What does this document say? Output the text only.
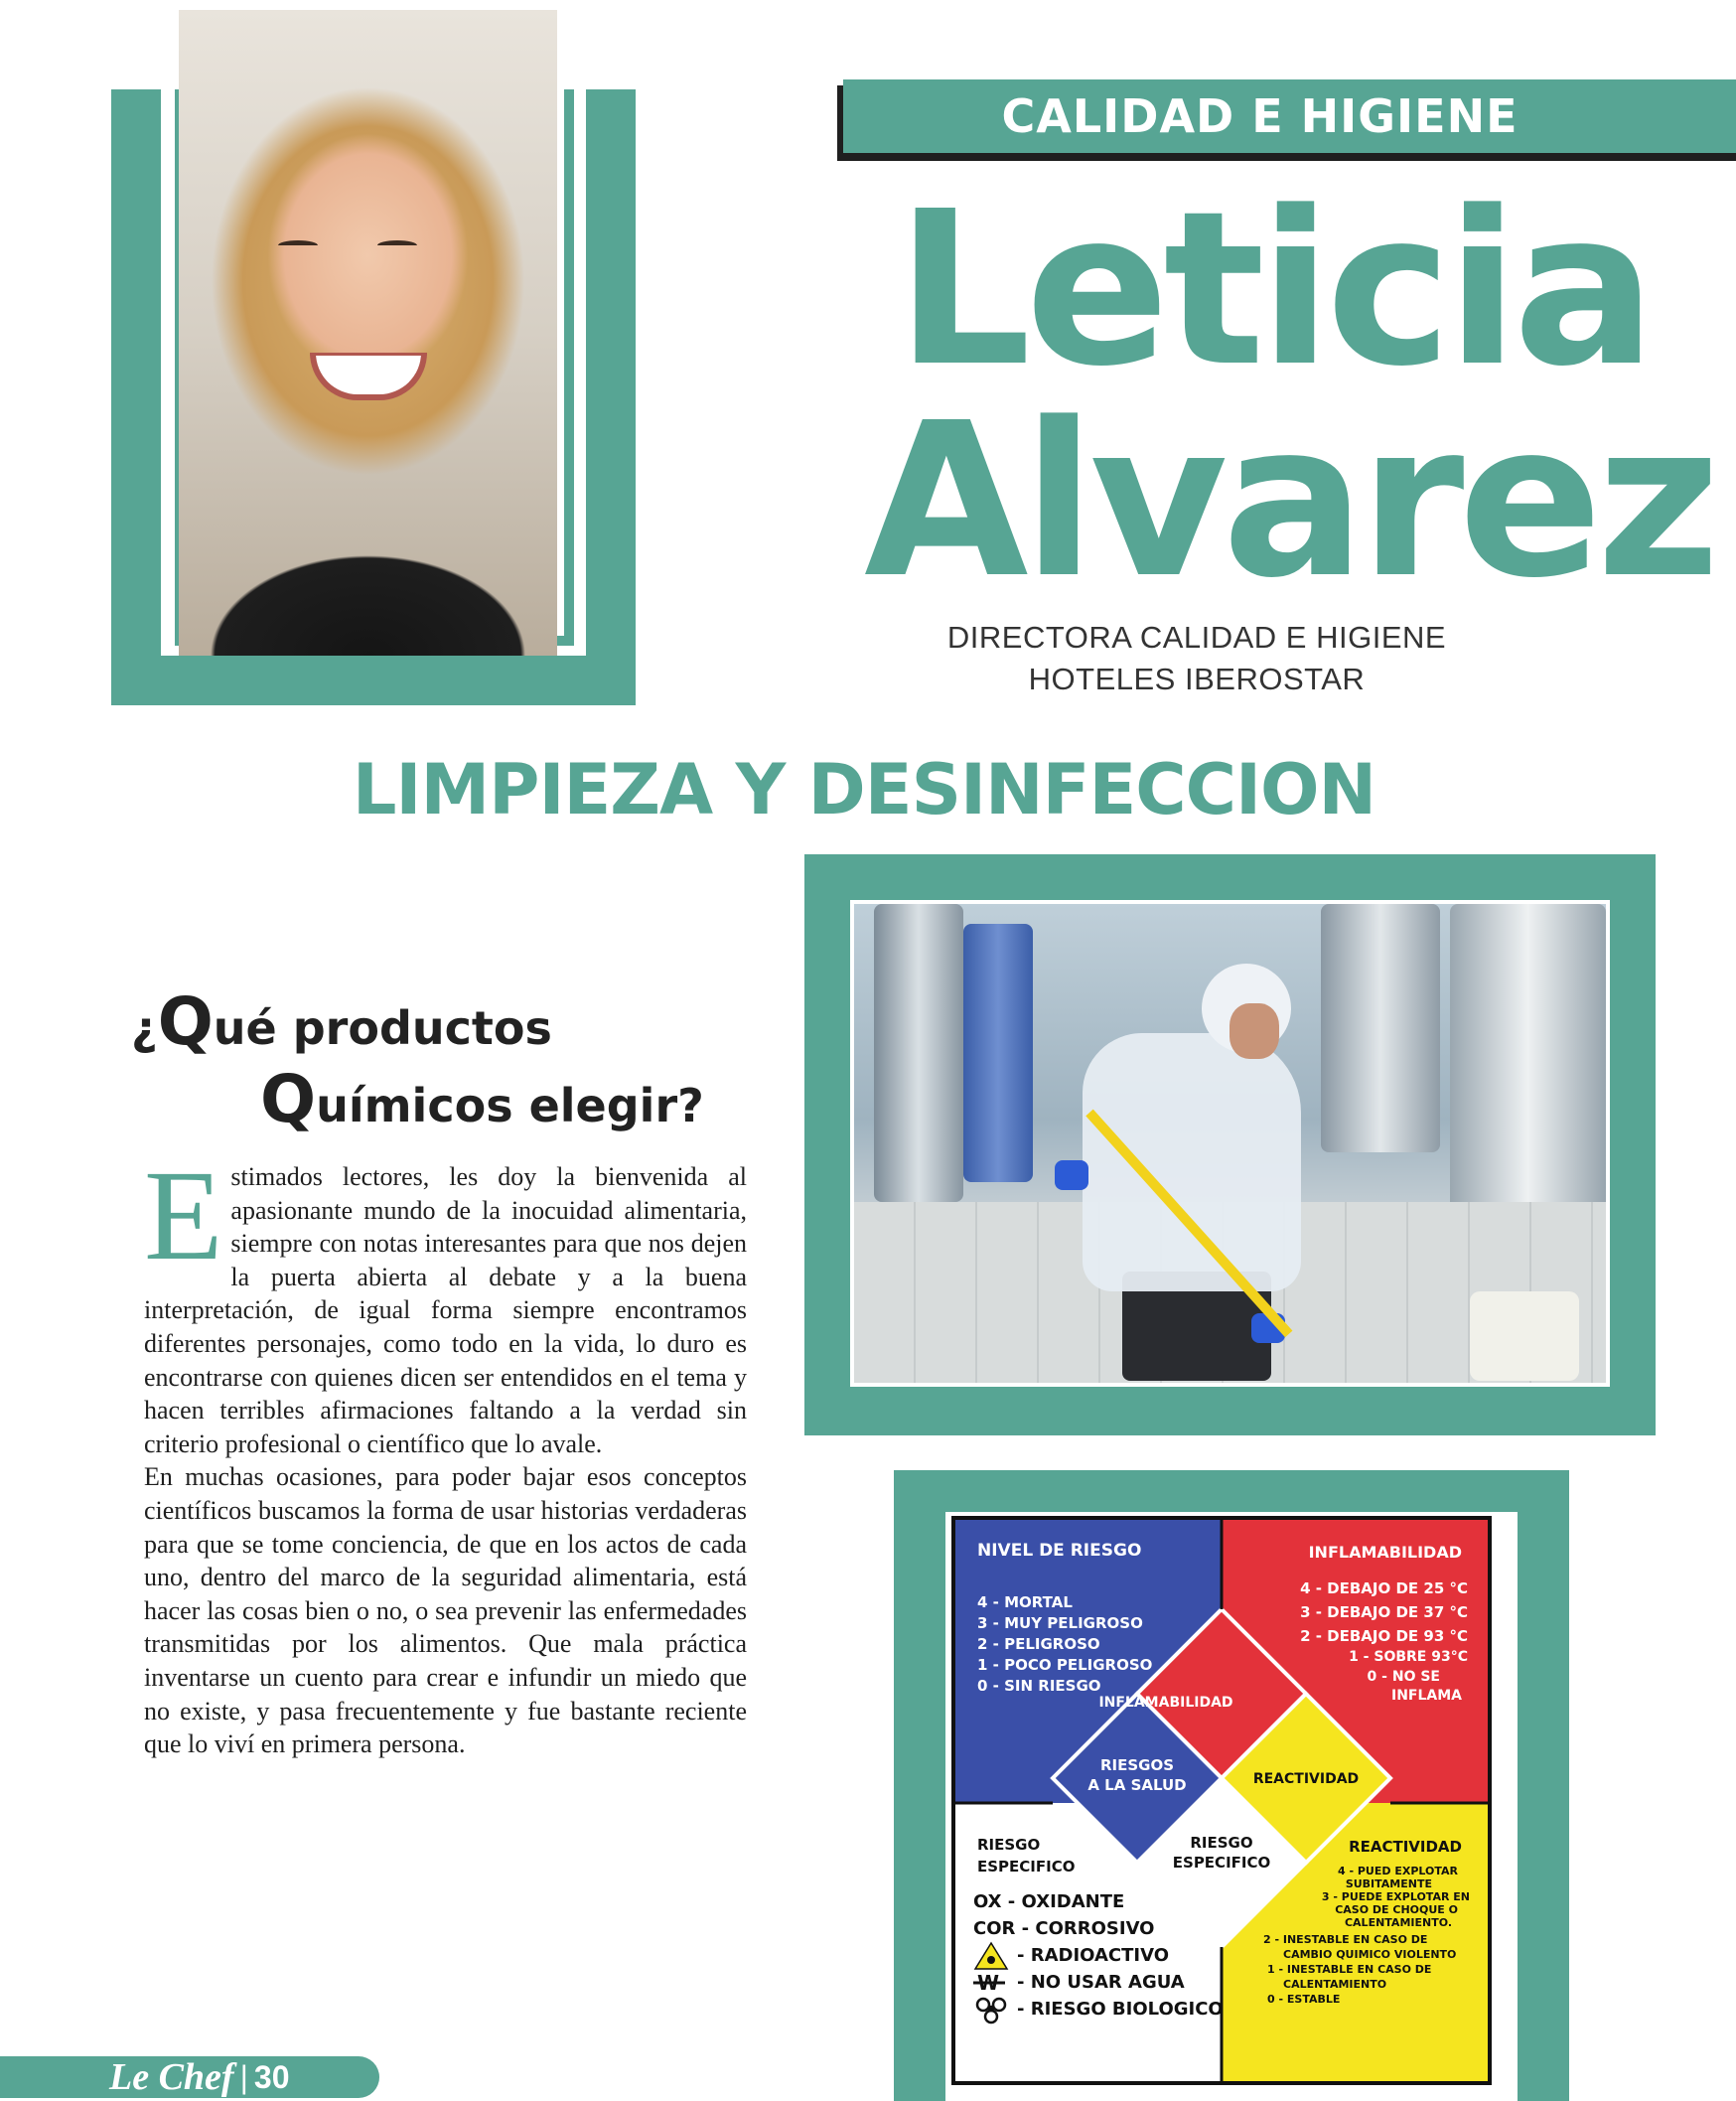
CALIDAD E HIGIENE
Leticia
Alvarez
DIRECTORA CALIDAD E HIGIENE
HOTELES IBEROSTAR
LIMPIEZA Y DESINFECCION
¿Qué productos
Químicos elegir?
E stimados lectores, les doy la bienvenida al apasionante mundo de la inocuidad alimentaria, siempre con notas interesantes para que nos dejen la puerta abierta al debate y a la buena interpretación, de igual forma siempre encontramos diferentes personajes, como todo en la vida, lo duro es encontrarse con quienes dicen ser entendidos en el tema y hacen terribles afirmaciones faltando a la verdad sin criterio profesional o científico que lo avale.

En muchas ocasiones, para poder bajar esos conceptos científicos buscamos la forma de usar historias verdaderas para que se tome conciencia, de que en los actos de cada uno, dentro del marco de la seguridad alimentaria, está hacer las cosas bien o no, o sea prevenir las enfermedades transmitidas por los alimentos. Que mala práctica inventarse un cuento para crear e infundir un miedo que no existe, y pasa frecuentemente y fue bastante reciente que lo viví en primera persona.

NIVEL DE RIESGO
4 - MORTAL
3 - MUY PELIGROSO
2 - PELIGROSO
1 - POCO PELIGROSO
0 - SIN RIESGO
INFLAMABILIDAD
4 - DEBAJO DE 25 °C
3 - DEBAJO DE 37 °C
2 - DEBAJO DE 93 °C
1 - SOBRE 93°C
0 - NO SE
INFLAMA
INFLAMABILIDAD
RIESGOS
A LA SALUD	REACTIVIDAD
RIESGO
ESPECIFICO
RIESGO
ESPECIFICO
OX - OXIDANTE
COR - CORROSIVO
- RADIOACTIVO
- NO USAR AGUA
- RIESGO BIOLOGICO
REACTIVIDAD
4 - PUED EXPLOTAR
SUBITAMENTE
3 - PUEDE EXPLOTAR EN
CASO DE CHOQUE O
CALENTAMIENTO.
2 - INESTABLE EN CASO DE
CAMBIO QUIMICO VIOLENTO
1 - INESTABLE EN CASO DE
CALENTAMIENTO
0 - ESTABLE
W
Le Chef | 30
